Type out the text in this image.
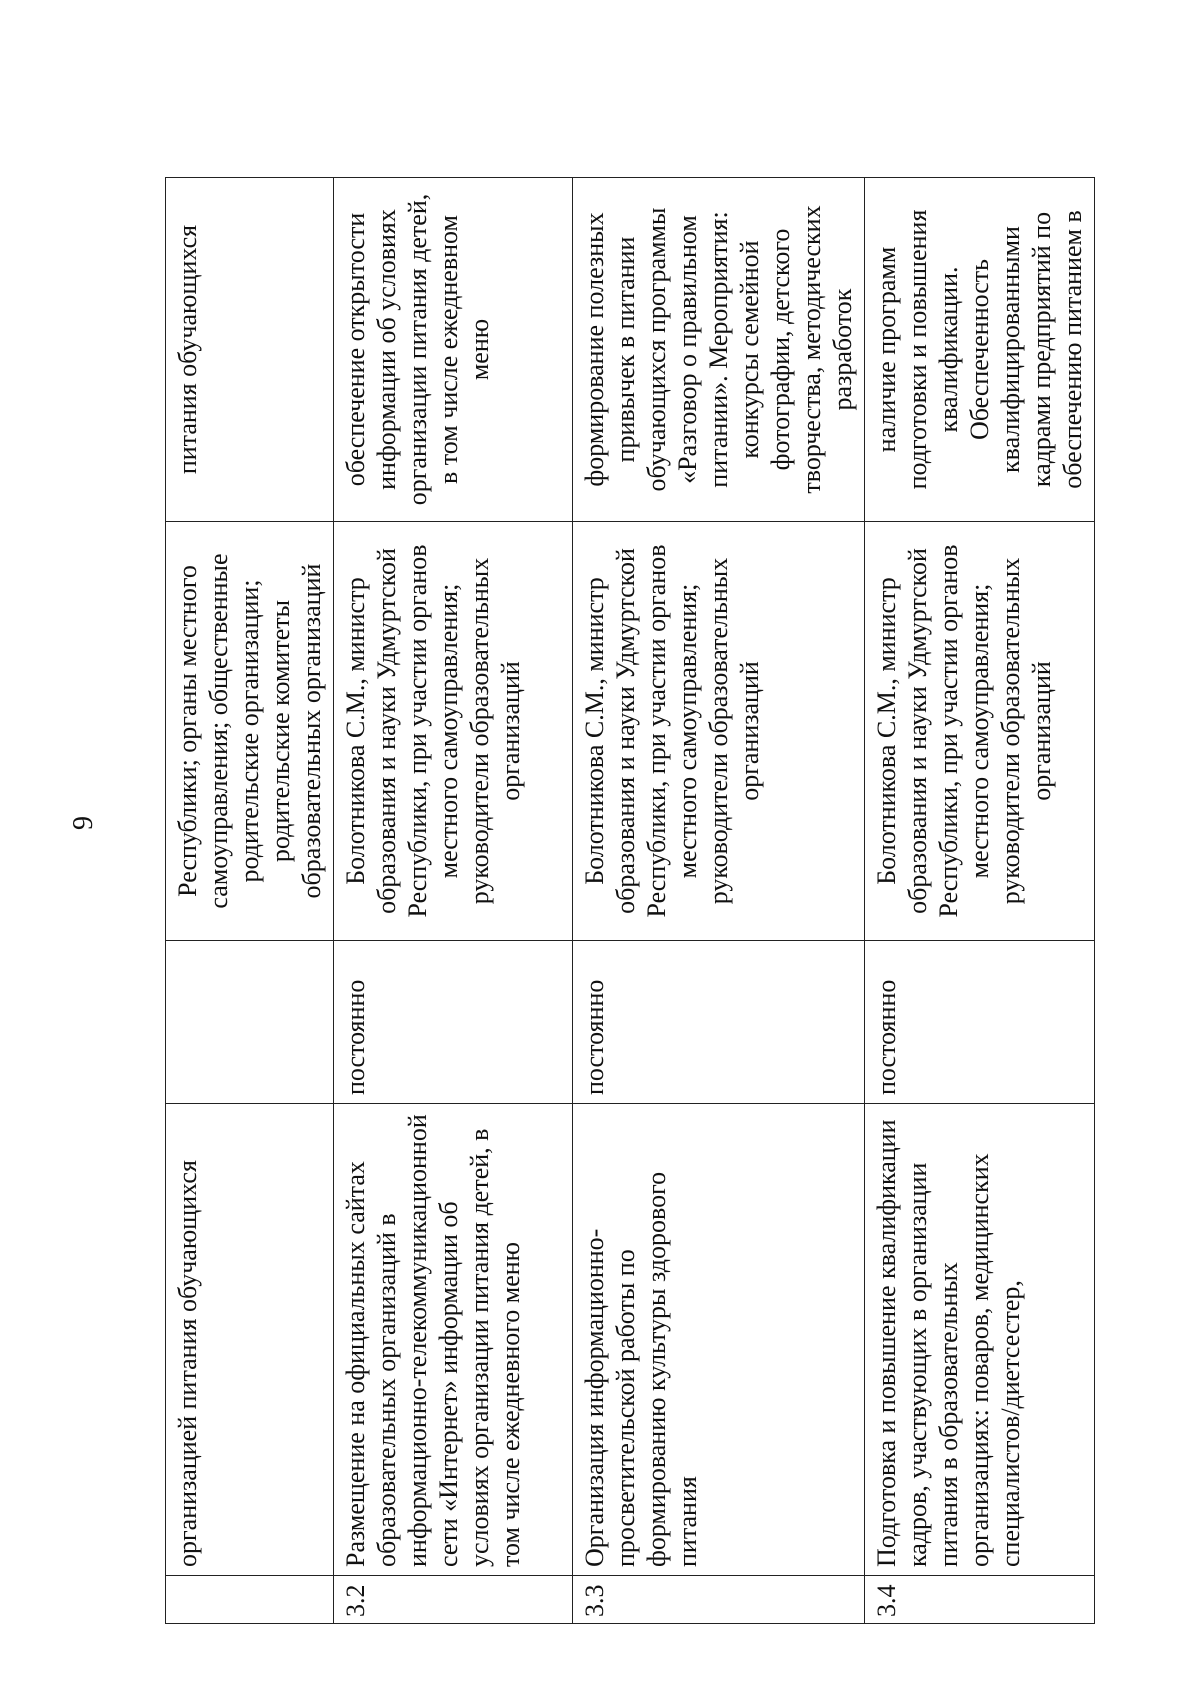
9
	организацией питания обучающихся		Республики; органы местного самоуправления; общественные родительские организации; родительские комитеты образовательных организаций	питания обучающихся
3.2	Размещение на официальных сайтах образовательных организаций в информационно-телекоммуникационной сети «Интернет» информации об условиях организации питания детей, в том числе ежедневного меню	постоянно	Болотникова С.М., министр образования и науки Удмуртской Республики, при участии органов местного самоуправления; руководители образовательных организаций	обеспечение открытости информации об условиях организации питания детей, в том числе ежедневном меню
3.3	Организация информационно-просветительской работы по формированию культуры здорового питания	постоянно	Болотникова С.М., министр образования и науки Удмуртской Республики, при участии органов местного самоуправления; руководители образовательных организаций	формирование полезных привычек в питании обучающихся программы «Разговор о правильном питании». Мероприятия: конкурсы семейной фотографии, детского творчества, методических разработок
3.4	Подготовка и повышение квалификации кадров, участвующих в организации питания в образовательных организациях: поваров, медицинских специалистов/диетсестер,	постоянно	Болотникова С.М., министр образования и науки Удмуртской Республики, при участии органов местного самоуправления; руководители образовательных организаций	наличие программ подготовки и повышения квалификации. Обеспеченность квалифицированными кадрами предприятий по обеспечению питанием в
